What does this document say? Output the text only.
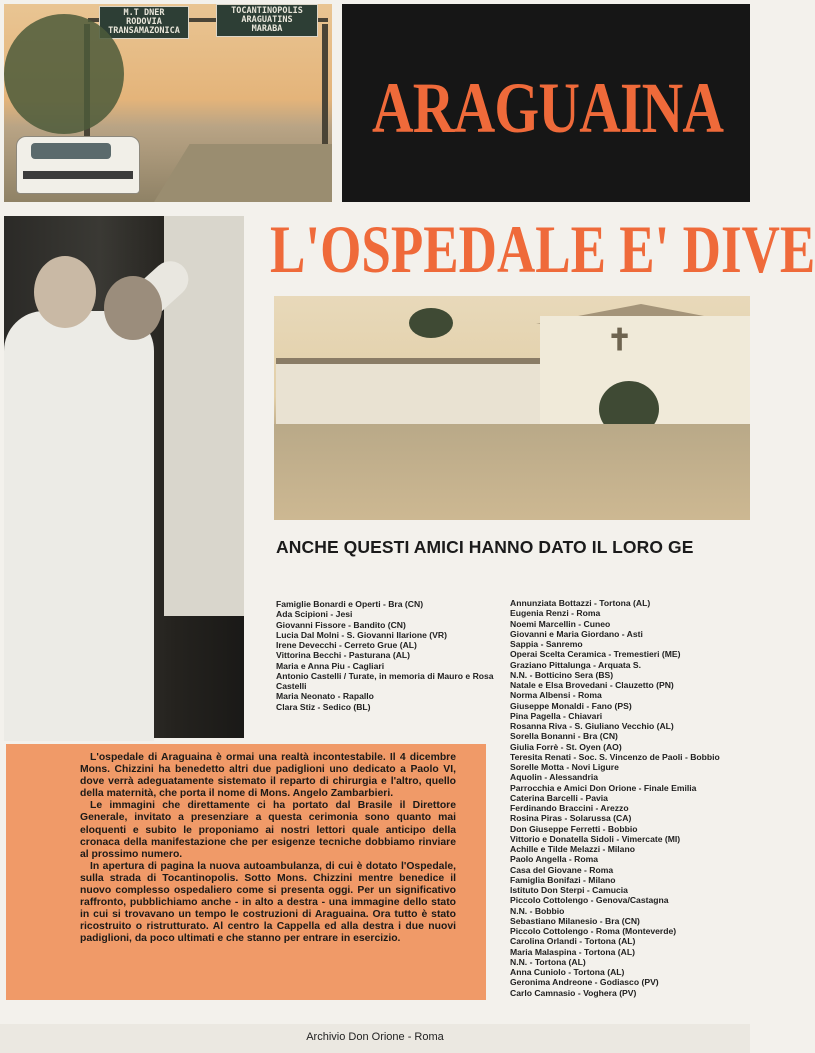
M.T DNER
RODOVIA
TRANSAMAZONICA
TOCANTINOPOLIS
ARAGUATINS
MARABA
ARAGUAINA
L'OSPEDALE E' DIVE
✝
ANCHE QUESTI AMICI HANNO DATO IL LORO GE
Famiglie Bonardi e Operti - Bra (CN)
Ada Scipioni - Jesi
Giovanni Fissore - Bandito (CN)
Lucia Dal Molni - S. Giovanni Ilarione (VR)
Irene Devecchi - Cerreto Grue (AL)
Vittorina Becchi - Pasturana (AL)
Maria e Anna Piu - Cagliari
Antonio Castelli / Turate, in memoria di Mauro e Rosa Castelli
Maria Neonato - Rapallo
Clara Stiz - Sedico (BL)
Annunziata Bottazzi - Tortona (AL)
Eugenia Renzi - Roma
Noemi Marcellin - Cuneo
Giovanni e Maria Giordano - Asti
Sappia - Sanremo
Operai Scelta Ceramica - Tremestieri (ME)
Graziano Pittalunga - Arquata S.
N.N. - Botticino Sera (BS)
Natale e Elsa Brovedani - Clauzetto (PN)
Norma Albensi - Roma
Giuseppe Monaldi - Fano (PS)
Pina Pagella - Chiavari
Rosanna Riva - S. Giuliano Vecchio (AL)
Sorella Bonanni - Bra (CN)
Giulia Forrè - St. Oyen (AO)
Teresita Renati - Soc. S. Vincenzo de Paoli - Bobbio
Sorelle Motta - Novi Ligure
Aquolin - Alessandria
Parrocchia e Amici Don Orione - Finale Emilia
Caterina Barcelli - Pavia
Ferdinando Braccini - Arezzo
Rosina Piras - Solarussa (CA)
Don Giuseppe Ferretti - Bobbio
Vittorio e Donatella Sidoli - Vimercate (MI)
Achille e Tilde Melazzi - Milano
Paolo Angella - Roma
Casa del Giovane - Roma
Famiglia Bonifazi - Milano
Istituto Don Sterpi - Camucia
Piccolo Cottolengo - Genova/Castagna
N.N. - Bobbio
Sebastiano Milanesio - Bra (CN)
Piccolo Cottolengo - Roma (Monteverde)
Carolina Orlandi - Tortona (AL)
Maria Malaspina - Tortona (AL)
N.N. - Tortona (AL)
Anna Cuniolo - Tortona (AL)
Geronima Andreone - Godiasco (PV)
Carlo Camnasio - Voghera (PV)

L'ospedale di Araguaina è ormai una realtà incontestabile. Il 4 dicembre Mons. Chizzini ha benedetto altri due padiglioni uno dedicato a Paolo VI, dove verrà adeguatamente sistemato il reparto di chirurgia e l'altro, quello della maternità, che porta il nome di Mons. Angelo Zambarbieri.

Le immagini che direttamente ci ha portato dal Brasile il Direttore Generale, invitato a presenziare a questa cerimonia sono quanto mai eloquenti e subito le proponiamo ai nostri lettori quale anticipo della cronaca della manifestazione che per esigenze tecniche dobbiamo rinviare al prossimo numero.

In apertura di pagina la nuova autoambulanza, di cui è dotato l'Ospedale, sulla strada di Tocantinopolis. Sotto Mons. Chizzini mentre benedice il nuovo complesso ospedaliero come si presenta oggi. Per un significativo raffronto, pubblichiamo anche - in alto a destra - una immagine dello stato in cui si trovavano un tempo le costruzioni di Araguaina. Ora tutto è stato ricostruito o ristrutturato. Al centro la Cappella ed alla destra i due nuovi padiglioni, da poco ultimati e che stanno per entrare in esercizio.

Archivio Don Orione - Roma
